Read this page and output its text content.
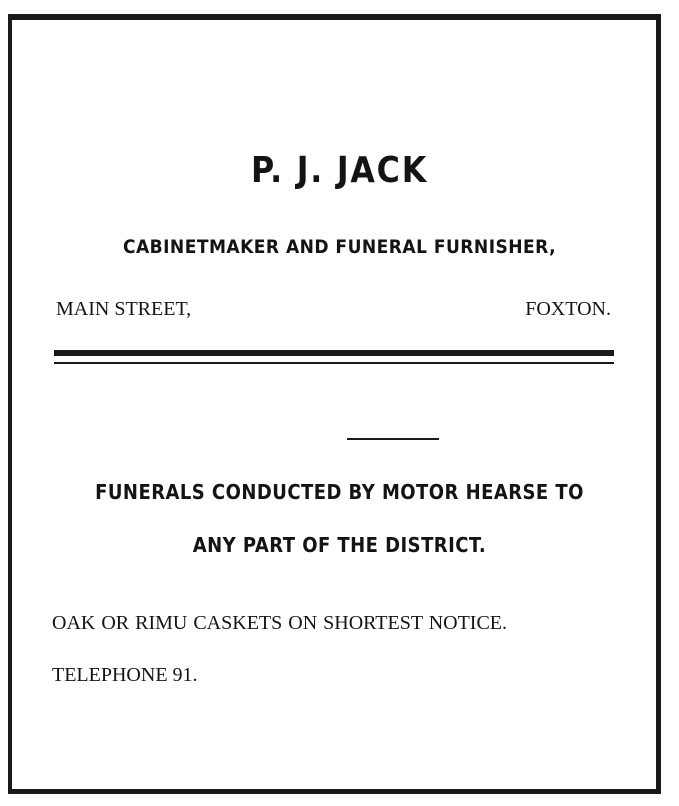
P. J. JACK
CABINETMAKER AND FUNERAL FURNISHER,
MAIN STREET,	FOXTON.
FUNERALS CONDUCTED BY MOTOR HEARSE TO
ANY PART OF THE DISTRICT.
OAK OR RIMU CASKETS ON SHORTEST NOTICE.
TELEPHONE 91.
